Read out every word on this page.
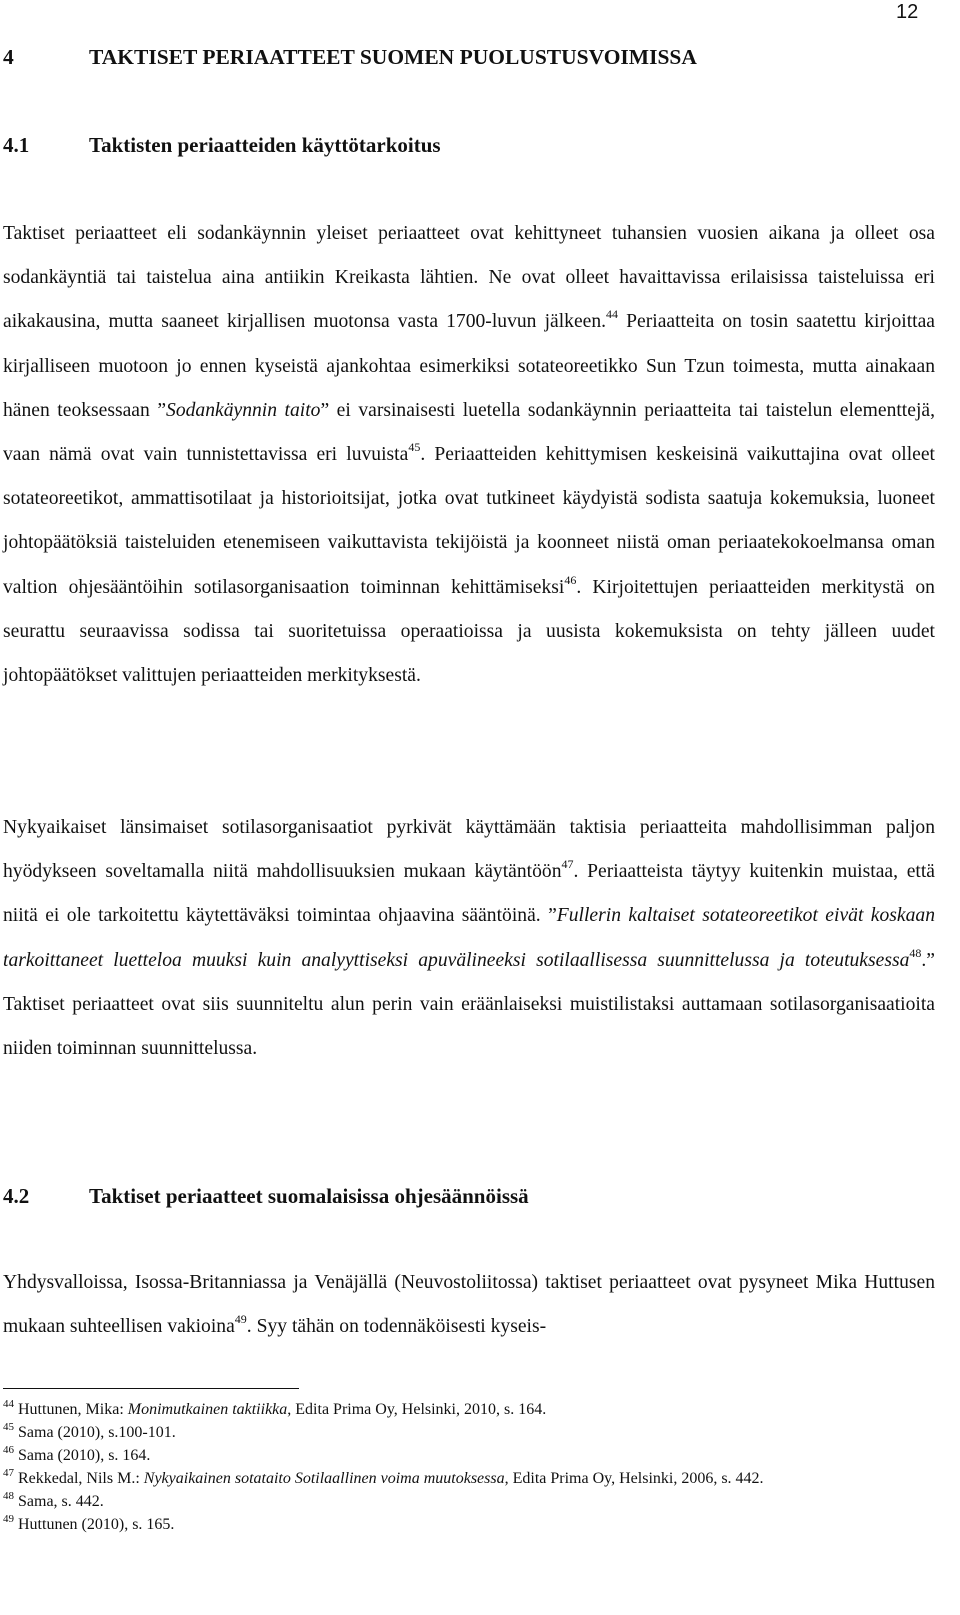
12
4	TAKTISET PERIAATTEET SUOMEN PUOLUSTUSVOIMISSA
4.1	Taktisten periaatteiden käyttötarkoitus
Taktiset periaatteet eli sodankäynnin yleiset periaatteet ovat kehittyneet tuhansien vuosien aikana ja olleet osa sodankäyntiä tai taistelua aina antiikin Kreikasta lähtien. Ne ovat olleet havaittavissa erilaisissa taisteluissa eri aikakausina, mutta saaneet kirjallisen muotonsa vasta 1700-luvun jälkeen.$^{44}$ Periaatteita on tosin saatettu kirjoittaa kirjalliseen muotoon jo ennen kyseistä ajankohtaa esimerkiksi sotateoreetikko Sun Tzun toimesta, mutta ainakaan hänen teoksessaan ”Sodankäynnin taito” ei varsinaisesti luetella sodankäynnin periaatteita tai taistelun elementtejä, vaan nämä ovat vain tunnistettavissa eri luvuista$^{45}$. Periaatteiden kehittymisen keskeisinä vaikuttajina ovat olleet sotateoreetikot, ammattisotilaat ja historioitsijat, jotka ovat tutkineet käydyistä sodista saatuja kokemuksia, luoneet johtopäätöksiä taisteluiden etenemiseen vaikuttavista tekijöistä ja koonneet niistä oman periaatekokoelmansa oman valtion ohjesääntöihin sotilasorganisaation toiminnan kehittämiseksi$^{46}$. Kirjoitettujen periaatteiden merkitystä on seurattu seuraavissa sodissa tai suoritetuissa operaatioissa ja uusista kokemuksista on tehty jälleen uudet johtopäätökset valittujen periaatteiden merkityksestä.
Nykyaikaiset länsimaiset sotilasorganisaatiot pyrkivät käyttämään taktisia periaatteita mahdollisimman paljon hyödykseen soveltamalla niitä mahdollisuuksien mukaan käytäntöön$^{47}$. Periaatteista täytyy kuitenkin muistaa, että niitä ei ole tarkoitettu käytettäväksi toimintaa ohjaavina sääntöinä. ”Fullerin kaltaiset sotateoreetikot eivät koskaan tarkoittaneet luetteloa muuksi kuin analyyttiseksi apuvälineeksi sotilaallisessa suunnittelussa ja toteutuksessa$^{48}$.” Taktiset periaatteet ovat siis suunniteltu alun perin vain eräänlaiseksi muistilistaksi auttamaan sotilasorganisaatioita niiden toiminnan suunnittelussa.
4.2	Taktiset periaatteet suomalaisissa ohjesäännöissä
Yhdysvalloissa, Isossa-Britanniassa ja Venäjällä (Neuvostoliitossa) taktiset periaatteet ovat pysyneet Mika Huttusen mukaan suhteellisen vakioina$^{49}$. Syy tähän on todennäköisesti kyseis-
$^{44}$ Huttunen, Mika: Monimutkainen taktiikka, Edita Prima Oy, Helsinki, 2010, s. 164.
$^{45}$ Sama (2010), s.100-101.
$^{46}$ Sama (2010), s. 164.
$^{47}$ Rekkedal, Nils M.: Nykyaikainen sotataito Sotilaallinen voima muutoksessa, Edita Prima Oy, Helsinki, 2006, s. 442.
$^{48}$ Sama, s. 442.
$^{49}$ Huttunen (2010), s. 165.
